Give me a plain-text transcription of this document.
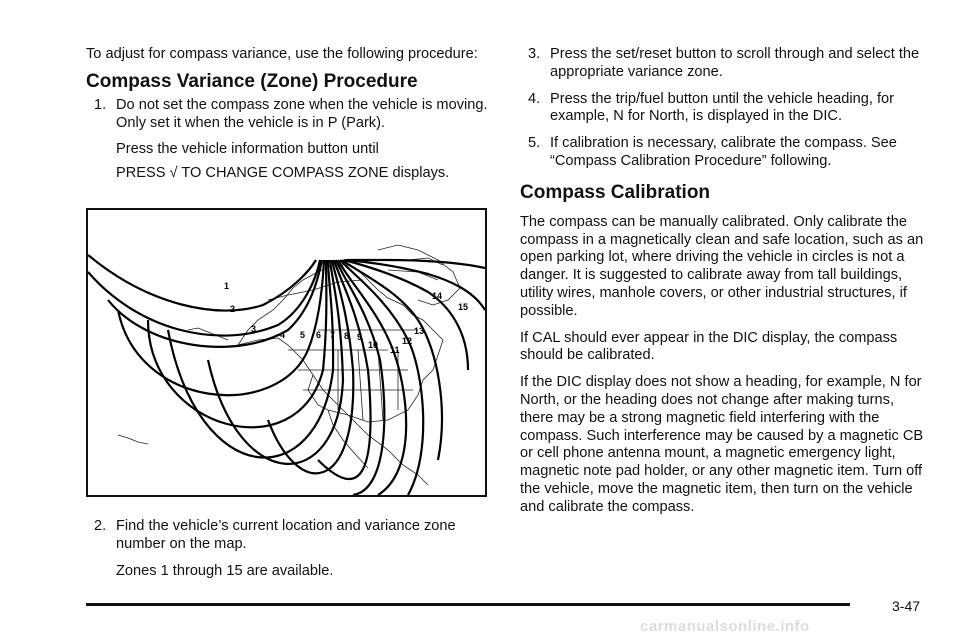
To adjust for compass variance, use the following procedure:

Compass Variance (Zone) Procedure

1. Do not set the compass zone when the vehicle is moving. Only set it when the vehicle is in P (Park).

Press the vehicle information button until

PRESS √ TO CHANGE COMPASS ZONE displays.

1
2
3
4 5 6 7 8 9
10 11
12
13
14
15

2. Find the vehicle’s current location and variance zone number on the map.

Zones 1 through 15 are available.

3. Press the set/reset button to scroll through and select the appropriate variance zone.

4. Press the trip/fuel button until the vehicle heading, for example, N for North, is displayed in the DIC.

5. If calibration is necessary, calibrate the compass. See “Compass Calibration Procedure” following.

Compass Calibration

The compass can be manually calibrated. Only calibrate the compass in a magnetically clean and safe location, such as an open parking lot, where driving the vehicle in circles is not a danger. It is suggested to calibrate away from tall buildings, utility wires, manhole covers, or other industrial structures, if possible.

If CAL should ever appear in the DIC display, the compass should be calibrated.

If the DIC display does not show a heading, for example, N for North, or the heading does not change after making turns, there may be a strong magnetic field interfering with the compass. Such interference may be caused by a magnetic CB or cell phone antenna mount, a magnetic emergency light, magnetic note pad holder, or any other magnetic item. Turn off the vehicle, move the magnetic item, then turn on the vehicle and calibrate the compass.

3-47
carmanualsonline.info
